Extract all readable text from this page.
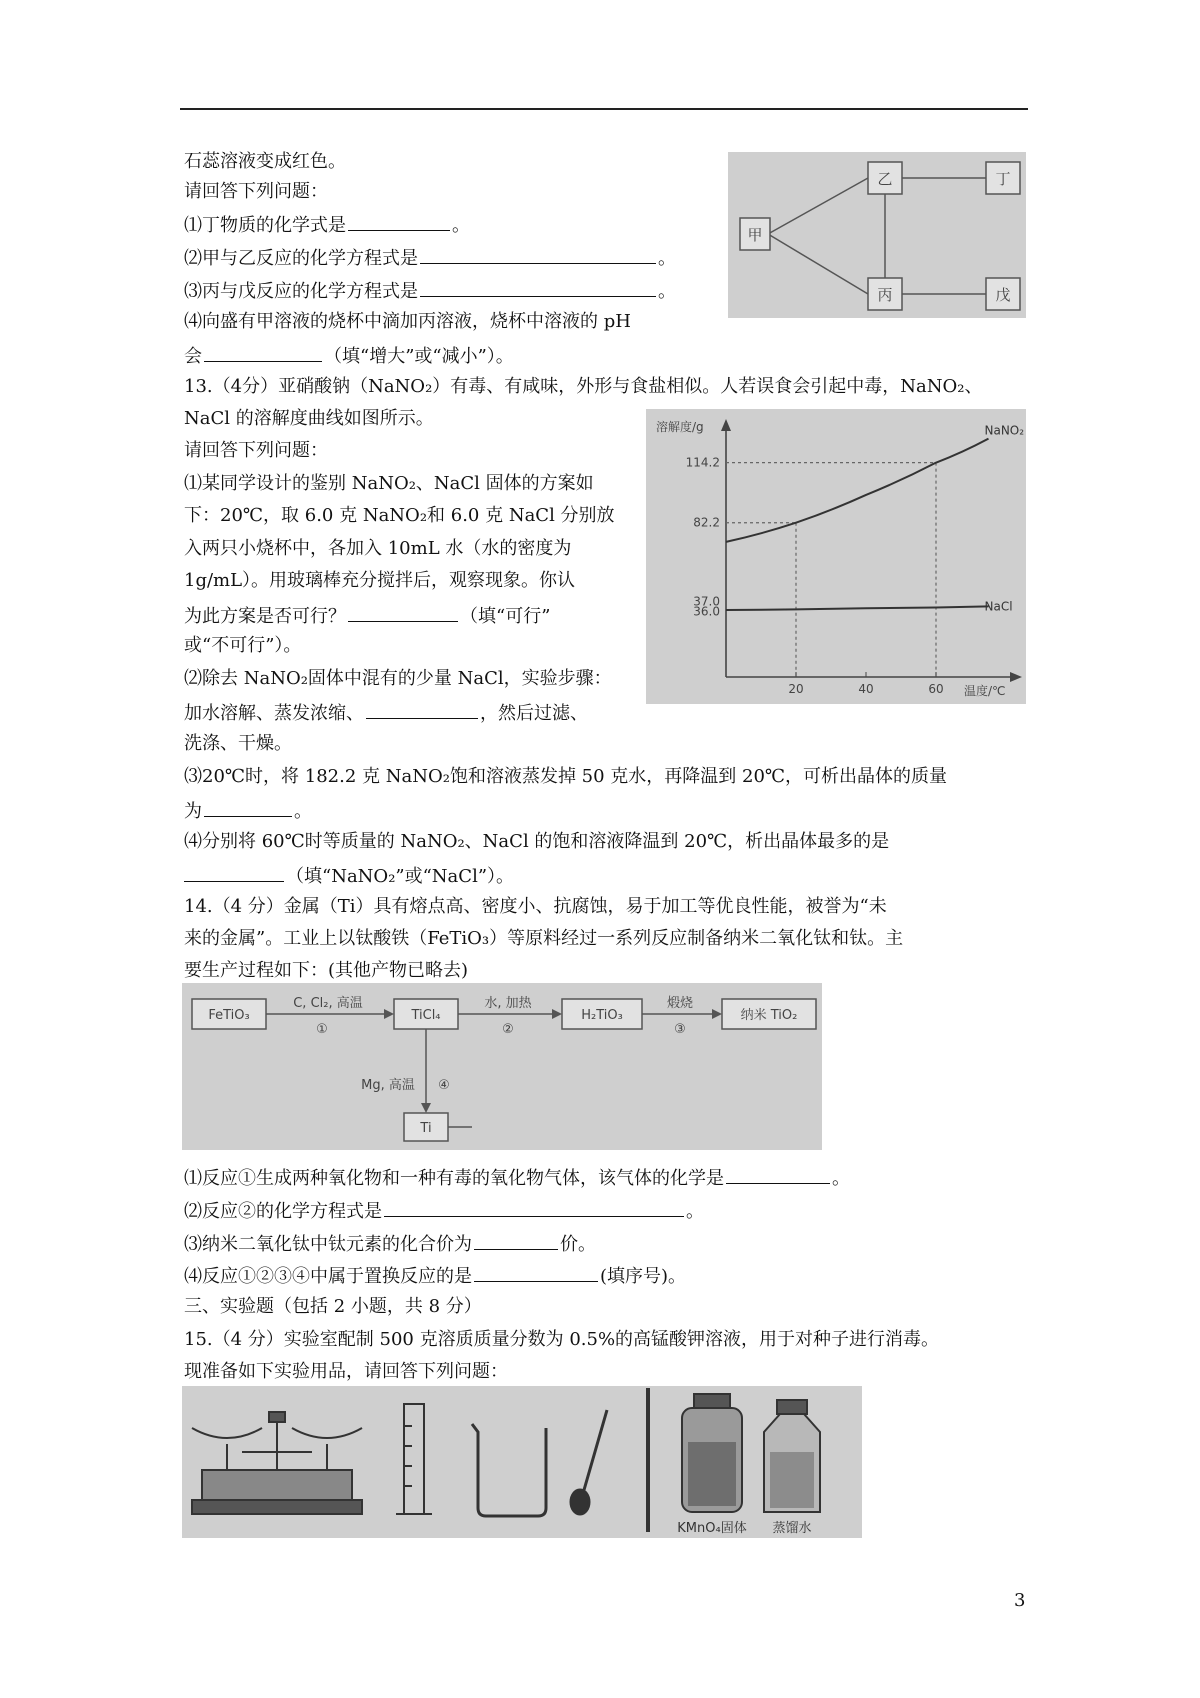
石蕊溶液变成红色。
请回答下列问题：
⑴丁物质的化学式是	。
⑵甲与乙反应的化学方程式是	。
⑶丙与戊反应的化学方程式是	。
⑷向盛有甲溶液的烧杯中滴加丙溶液，烧杯中溶液的 pH
会	（填“增大”或“减小”）。
甲
乙	丁
丙	戊
13.（4分）亚硝酸钠（NaNO₂）有毒、有咸味，外形与食盐相似。人若误食会引起中毒，NaNO₂、
NaCl 的溶解度曲线如图所示。
请回答下列问题：
⑴某同学设计的鉴别 NaNO₂、NaCl 固体的方案如
下：20℃，取 6.0 克 NaNO₂和 6.0 克 NaCl 分别放
入两只小烧杯中，各加入 10mL 水（水的密度为
1g/mL）。用玻璃棒充分搅拌后，观察现象。你认
为此方案是否可行？	（填“可行”
或“不可行”）。
⑵除去 NaNO₂固体中混有的少量 NaCl，实验步骤：
加水溶解、蒸发浓缩、	，然后过滤、
洗涤、干燥。
⑶20℃时，将 182.2 克 NaNO₂饱和溶液蒸发掉 50 克水，再降温到 20℃，可析出晶体的质量
为	。
⑷分别将 60℃时等质量的 NaNO₂、NaCl 的饱和溶液降温到 20℃，析出晶体最多的是
（填“NaNO₂”或“NaCl”）。
溶解度/g
温度/℃
20	40	60
114.2
82.2
37.0
36.0
NaNO₂
NaCl
14.（4 分）金属（Ti）具有熔点高、密度小、抗腐蚀，易于加工等优良性能，被誉为“未
来的金属”。工业上以钛酸铁（FeTiO₃）等原料经过一系列反应制备纳米二氧化钛和钛。主
要生产过程如下：(其他产物已略去)
FeTiO₃	TiCl₄	H₂TiO₃	纳米 TiO₂
Ti
C, Cl₂, 高温
①
水, 加热
②
煅烧
③
Mg, 高温 ④
⑴反应①生成两种氧化物和一种有毒的氧化物气体，该气体的化学是	。
⑵反应②的化学方程式是	。
⑶纳米二氧化钛中钛元素的化合价为	价。
⑷反应①②③④中属于置换反应的是	(填序号)。
三、实验题（包括 2 小题，共 8 分）
15.（4 分）实验室配制 500 克溶质质量分数为 0.5%的高锰酸钾溶液，用于对种子进行消毒。
现准备如下实验用品，请回答下列问题：
KMnO₄固体 蒸馏水
3
